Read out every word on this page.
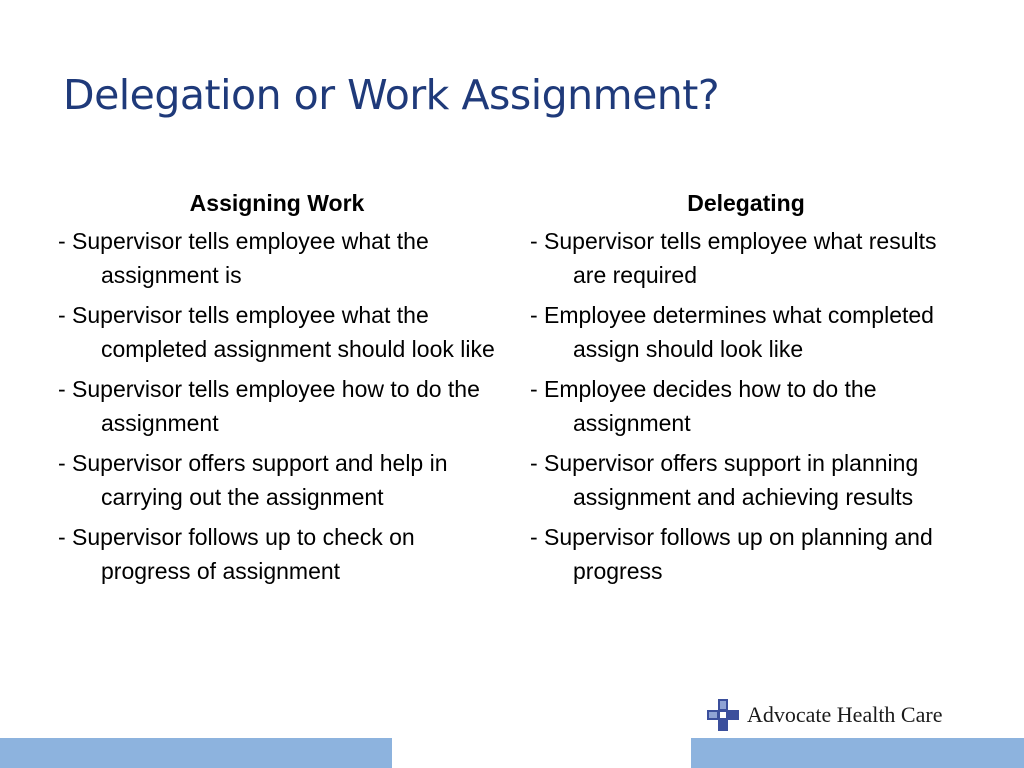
Delegation or Work Assignment?
Assigning Work
- Supervisor tells employee what the assignment is
- Supervisor tells employee what the completed assignment should look like
- Supervisor tells employee how to do the assignment
- Supervisor offers support and help in carrying out the assignment
- Supervisor follows up to check on progress of assignment
Delegating
- Supervisor tells employee what results are required
- Employee determines what completed assign should look like
- Employee decides how to do the assignment
- Supervisor offers support in planning assignment and achieving results
- Supervisor follows up on planning and progress
Advocate Health Care
